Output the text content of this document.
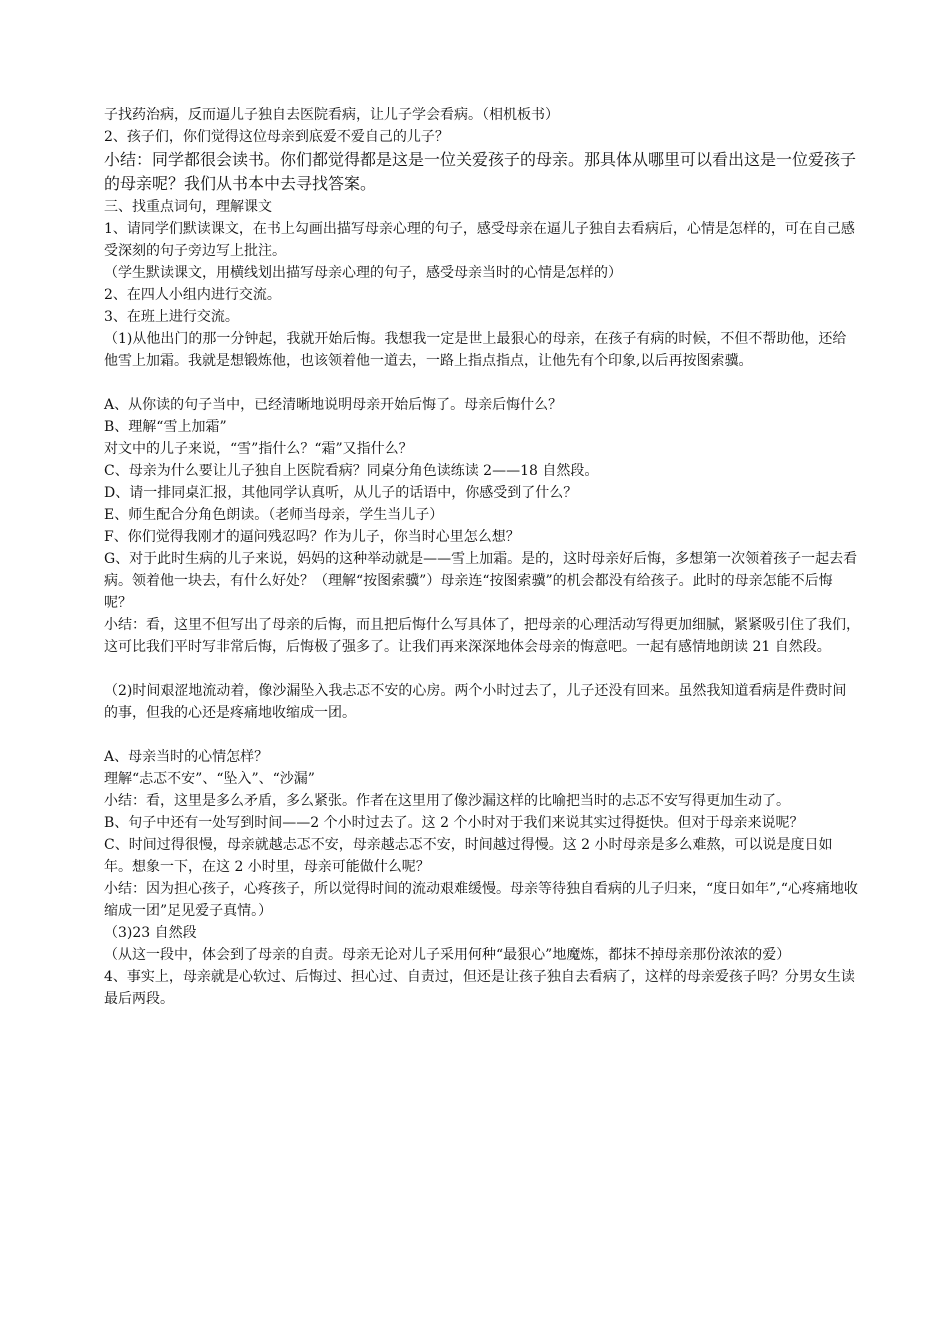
子找药治病，反而逼儿子独自去医院看病，让儿子学会看病。（相机板书）
2、孩子们，你们觉得这位母亲到底爱不爱自己的儿子？
小结：同学都很会读书。你们都觉得都是这是一位关爱孩子的母亲。那具体从哪里可以看出这是一位爱孩子的母亲呢？我们从书本中去寻找答案。
三、找重点词句，理解课文
1、请同学们默读课文，在书上勾画出描写母亲心理的句子，感受母亲在逼儿子独自去看病后，心情是怎样的，可在自己感受深刻的句子旁边写上批注。
（学生默读课文，用横线划出描写母亲心理的句子，感受母亲当时的心情是怎样的）
2、在四人小组内进行交流。
3、在班上进行交流。
（1)从他出门的那一分钟起，我就开始后悔。我想我一定是世上最狠心的母亲，在孩子有病的时候，不但不帮助他，还给他雪上加霜。我就是想锻炼他，也该领着他一道去，一路上指点指点，让他先有个印象,以后再按图索骥。
A、从你读的句子当中，已经清晰地说明母亲开始后悔了。母亲后悔什么？
B、理解“雪上加霜”
对文中的儿子来说，“雪”指什么？“霜”又指什么？
C、母亲为什么要让儿子独自上医院看病？同桌分角色读练读 2——18 自然段。
D、请一排同桌汇报，其他同学认真听，从儿子的话语中，你感受到了什么？
E、师生配合分角色朗读。（老师当母亲，学生当儿子）
F、你们觉得我刚才的逼问残忍吗？作为儿子，你当时心里怎么想？
G、对于此时生病的儿子来说，妈妈的这种举动就是——雪上加霜。是的，这时母亲好后悔，多想第一次领着孩子一起去看病。领着他一块去，有什么好处？（理解“按图索骥”）母亲连“按图索骥”的机会都没有给孩子。此时的母亲怎能不后悔呢？
小结：看，这里不但写出了母亲的后悔，而且把后悔什么写具体了，把母亲的心理活动写得更加细腻，紧紧吸引住了我们，这可比我们平时写非常后悔，后悔极了强多了。让我们再来深深地体会母亲的悔意吧。一起有感情地朗读 21 自然段。
（2)时间艰涩地流动着，像沙漏坠入我忐忑不安的心房。两个小时过去了，儿子还没有回来。虽然我知道看病是件费时间的事，但我的心还是疼痛地收缩成一团。
A、母亲当时的心情怎样？
理解“忐忑不安”、“坠入”、“沙漏”
小结：看，这里是多么矛盾，多么紧张。作者在这里用了像沙漏这样的比喻把当时的忐忑不安写得更加生动了。
B、句子中还有一处写到时间——2 个小时过去了。这 2 个小时对于我们来说其实过得挺快。但对于母亲来说呢？
C、时间过得很慢，母亲就越忐忑不安，母亲越忐忑不安，时间越过得慢。这 2 小时母亲是多么难熬，可以说是度日如年。想象一下，在这 2 小时里，母亲可能做什么呢？
小结：因为担心孩子，心疼孩子，所以觉得时间的流动艰难缓慢。母亲等待独自看病的儿子归来，“度日如年”,“心疼痛地收缩成一团”足见爱子真情。）
（3)23 自然段
（从这一段中，体会到了母亲的自责。母亲无论对儿子采用何种“最狠心”地魔炼，都抹不掉母亲那份浓浓的爱）
4、事实上，母亲就是心软过、后悔过、担心过、自责过，但还是让孩子独自去看病了，这样的母亲爱孩子吗？分男女生读最后两段。
